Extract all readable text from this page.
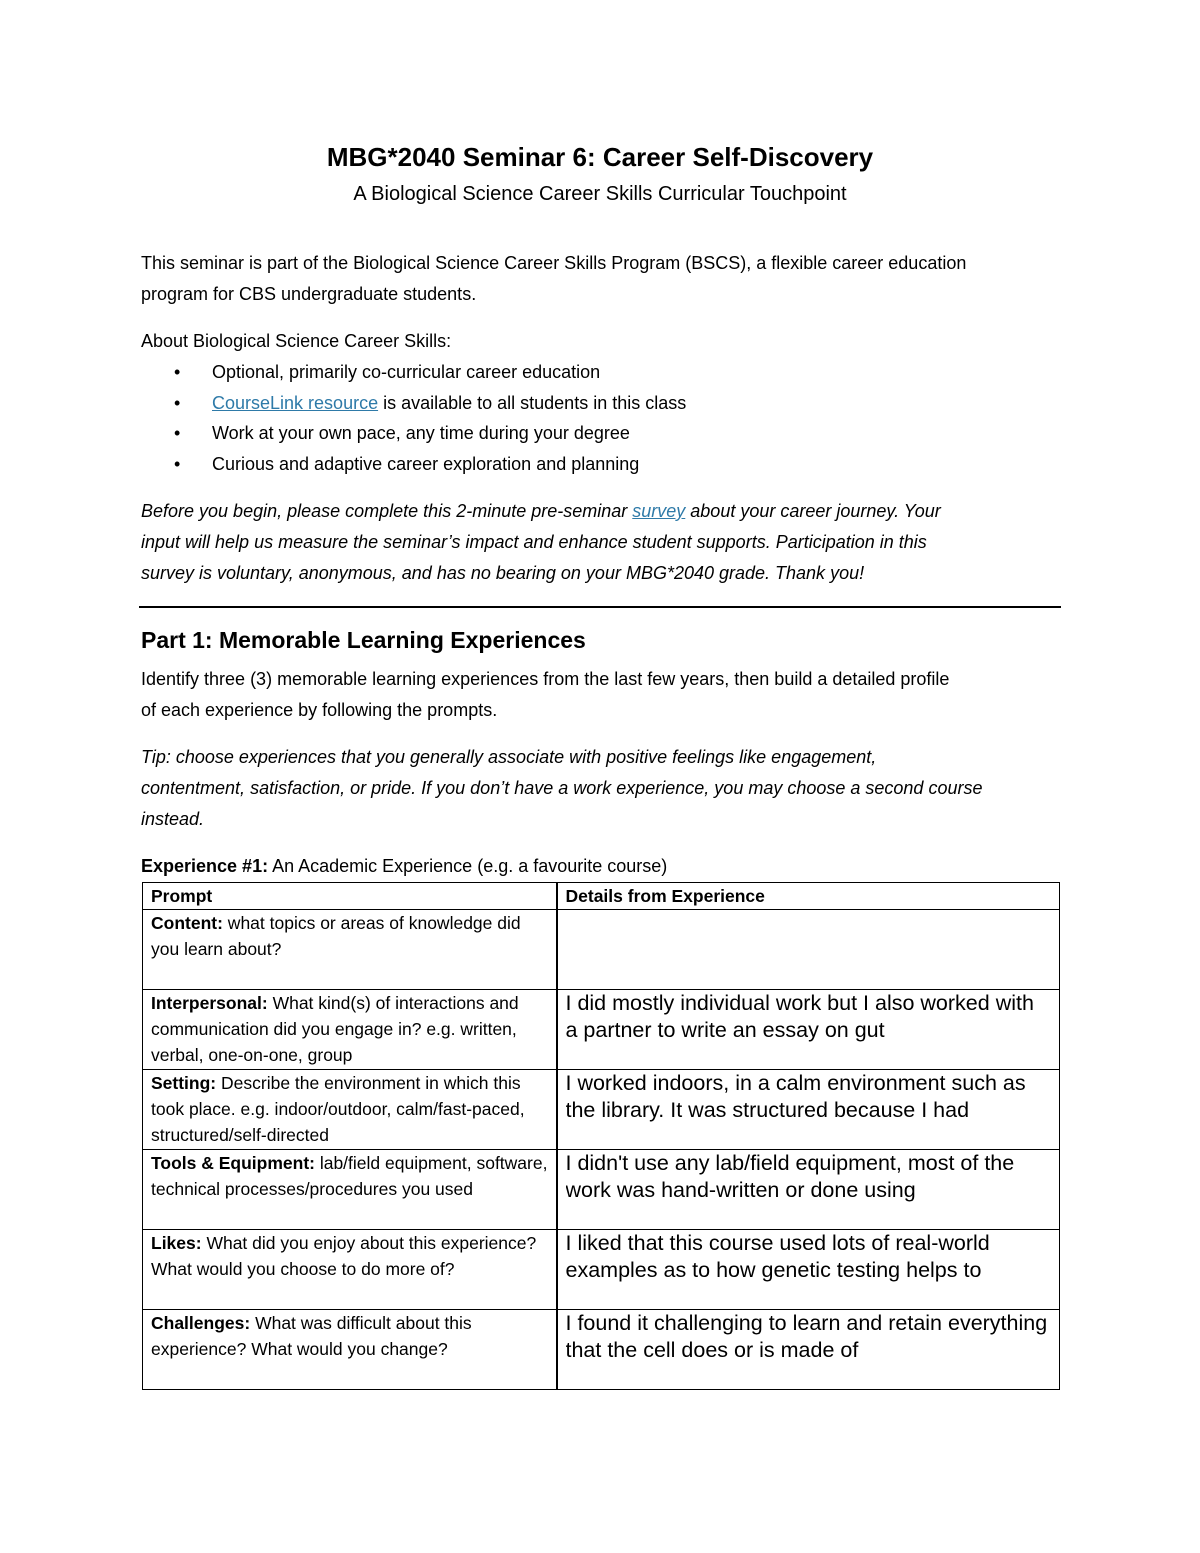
MBG*2040 Seminar 6: Career Self-Discovery

A Biological Science Career Skills Curricular Touchpoint

This seminar is part of the Biological Science Career Skills Program (BSCS), a flexible career education
program for CBS undergraduate students.

About Biological Science Career Skills:

• Optional, primarily co-curricular career education
• CourseLink resource is available to all students in this class
• Work at your own pace, any time during your degree
• Curious and adaptive career exploration and planning

Before you begin, please complete this 2-minute pre-seminar survey about your career journey. Your
input will help us measure the seminar’s impact and enhance student supports. Participation in this
survey is voluntary, anonymous, and has no bearing on your MBG*2040 grade. Thank you!

Part 1: Memorable Learning Experiences

Identify three (3) memorable learning experiences from the last few years, then build a detailed profile
of each experience by following the prompts.

Tip: choose experiences that you generally associate with positive feelings like engagement,
contentment, satisfaction, or pride. If you don’t have a work experience, you may choose a second course
instead.

Experience #1: An Academic Experience (e.g. a favourite course)

Prompt	Details from Experience
Content: what topics or areas of knowledge did you learn about?	

Interpersonal: What kind(s) of interactions and communication did you engage in? e.g. written, verbal, one-on-one, group	I did mostly individual work but I also worked with a partner to write an essay on gut

Setting: Describe the environment in which this took place. e.g. indoor/outdoor, calm/fast-paced, structured/self-directed	I worked indoors, in a calm environment such as the library. It was structured because I had

Tools & Equipment: lab/field equipment, software, technical processes/procedures you used	I didn't use any lab/field equipment, most of the work was hand-written or done using

Likes: What did you enjoy about this experience? What would you choose to do more of?	I liked that this course used lots of real-world examples as to how genetic testing helps to

Challenges: What was difficult about this experience? What would you change?	I found it challenging to learn and retain everything that the cell does or is made of
